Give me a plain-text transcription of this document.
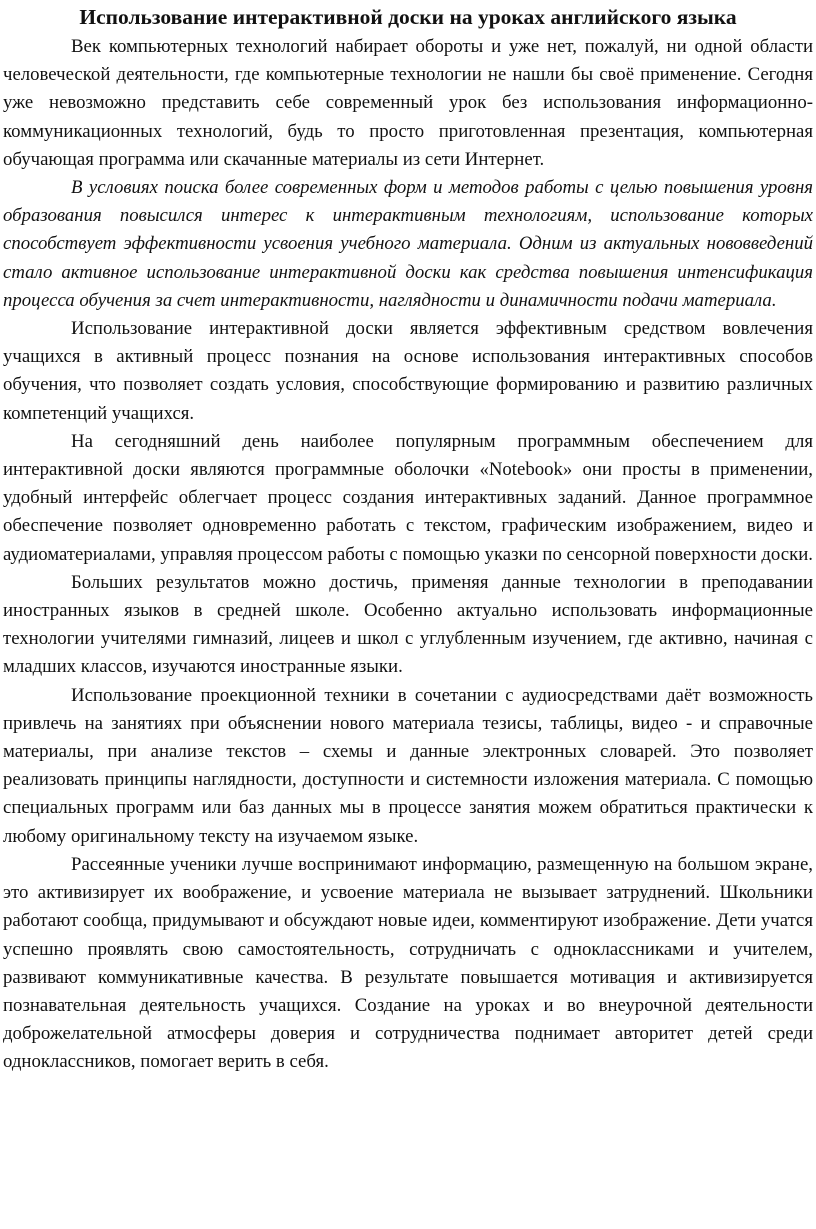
Использование интерактивной доски на уроках английского языка

Век компьютерных технологий набирает обороты и уже нет, пожалуй, ни одной области человеческой деятельности, где компьютерные технологии не нашли бы своё применение. Сегодня уже невозможно представить себе современный урок без использования информационно-коммуникационных технологий, будь то просто приготовленная презентация, компьютерная обучающая программа или скачанные материалы из сети Интернет.

В условиях поиска более современных форм и методов работы с целью повышения уровня образования повысился интерес к интерактивным технологиям, использование которых способствует эффективности усвоения учебного материала. Одним из актуальных нововведений стало активное использование интерактивной доски как средства повышения интенсификация процесса обучения за счет интерактивности, наглядности и динамичности подачи материала.

Использование интерактивной доски является эффективным средством вовлечения учащихся в активный процесс познания на основе использования интерактивных способов обучения, что позволяет создать условия, способствующие формированию и развитию различных компетенций учащихся.

На сегодняшний день наиболее популярным программным обеспечением для интерактивной доски являются программные оболочки «Notebook» они просты в применении, удобный интерфейс облегчает процесс создания интерактивных заданий. Данное программное обеспечение позволяет одновременно работать с текстом, графическим изображением, видео и аудиоматериалами, управляя процессом работы с помощью указки по сенсорной поверхности доски.

Больших результатов можно достичь, применяя данные технологии в преподавании иностранных языков в средней школе. Особенно актуально использовать информационные технологии учителями гимназий, лицеев и школ с углубленным изучением, где активно, начиная с младших классов, изучаются иностранные языки.

Использование проекционной техники в сочетании с аудиосредствами даёт возможность привлечь на занятиях при объяснении нового материала тезисы, таблицы, видео - и справочные материалы, при анализе текстов – схемы и данные электронных словарей. Это позволяет реализовать принципы наглядности, доступности и системности изложения материала. С помощью специальных программ или баз данных мы в процессе занятия можем обратиться практически к любому оригинальному тексту на изучаемом языке.

Рассеянные ученики лучше воспринимают информацию, размещенную на большом экране, это активизирует их воображение, и усвоение материала не вызывает затруднений. Школьники работают сообща, придумывают и обсуждают новые идеи, комментируют изображение. Дети учатся успешно проявлять свою самостоятельность, сотрудничать с одноклассниками и учителем, развивают коммуникативные качества. В результате повышается мотивация и активизируется познавательная деятельность учащихся. Создание на уроках и во внеурочной деятельности доброжелательной атмосферы доверия и сотрудничества поднимает авторитет детей среди одноклассников, помогает верить в себя.
